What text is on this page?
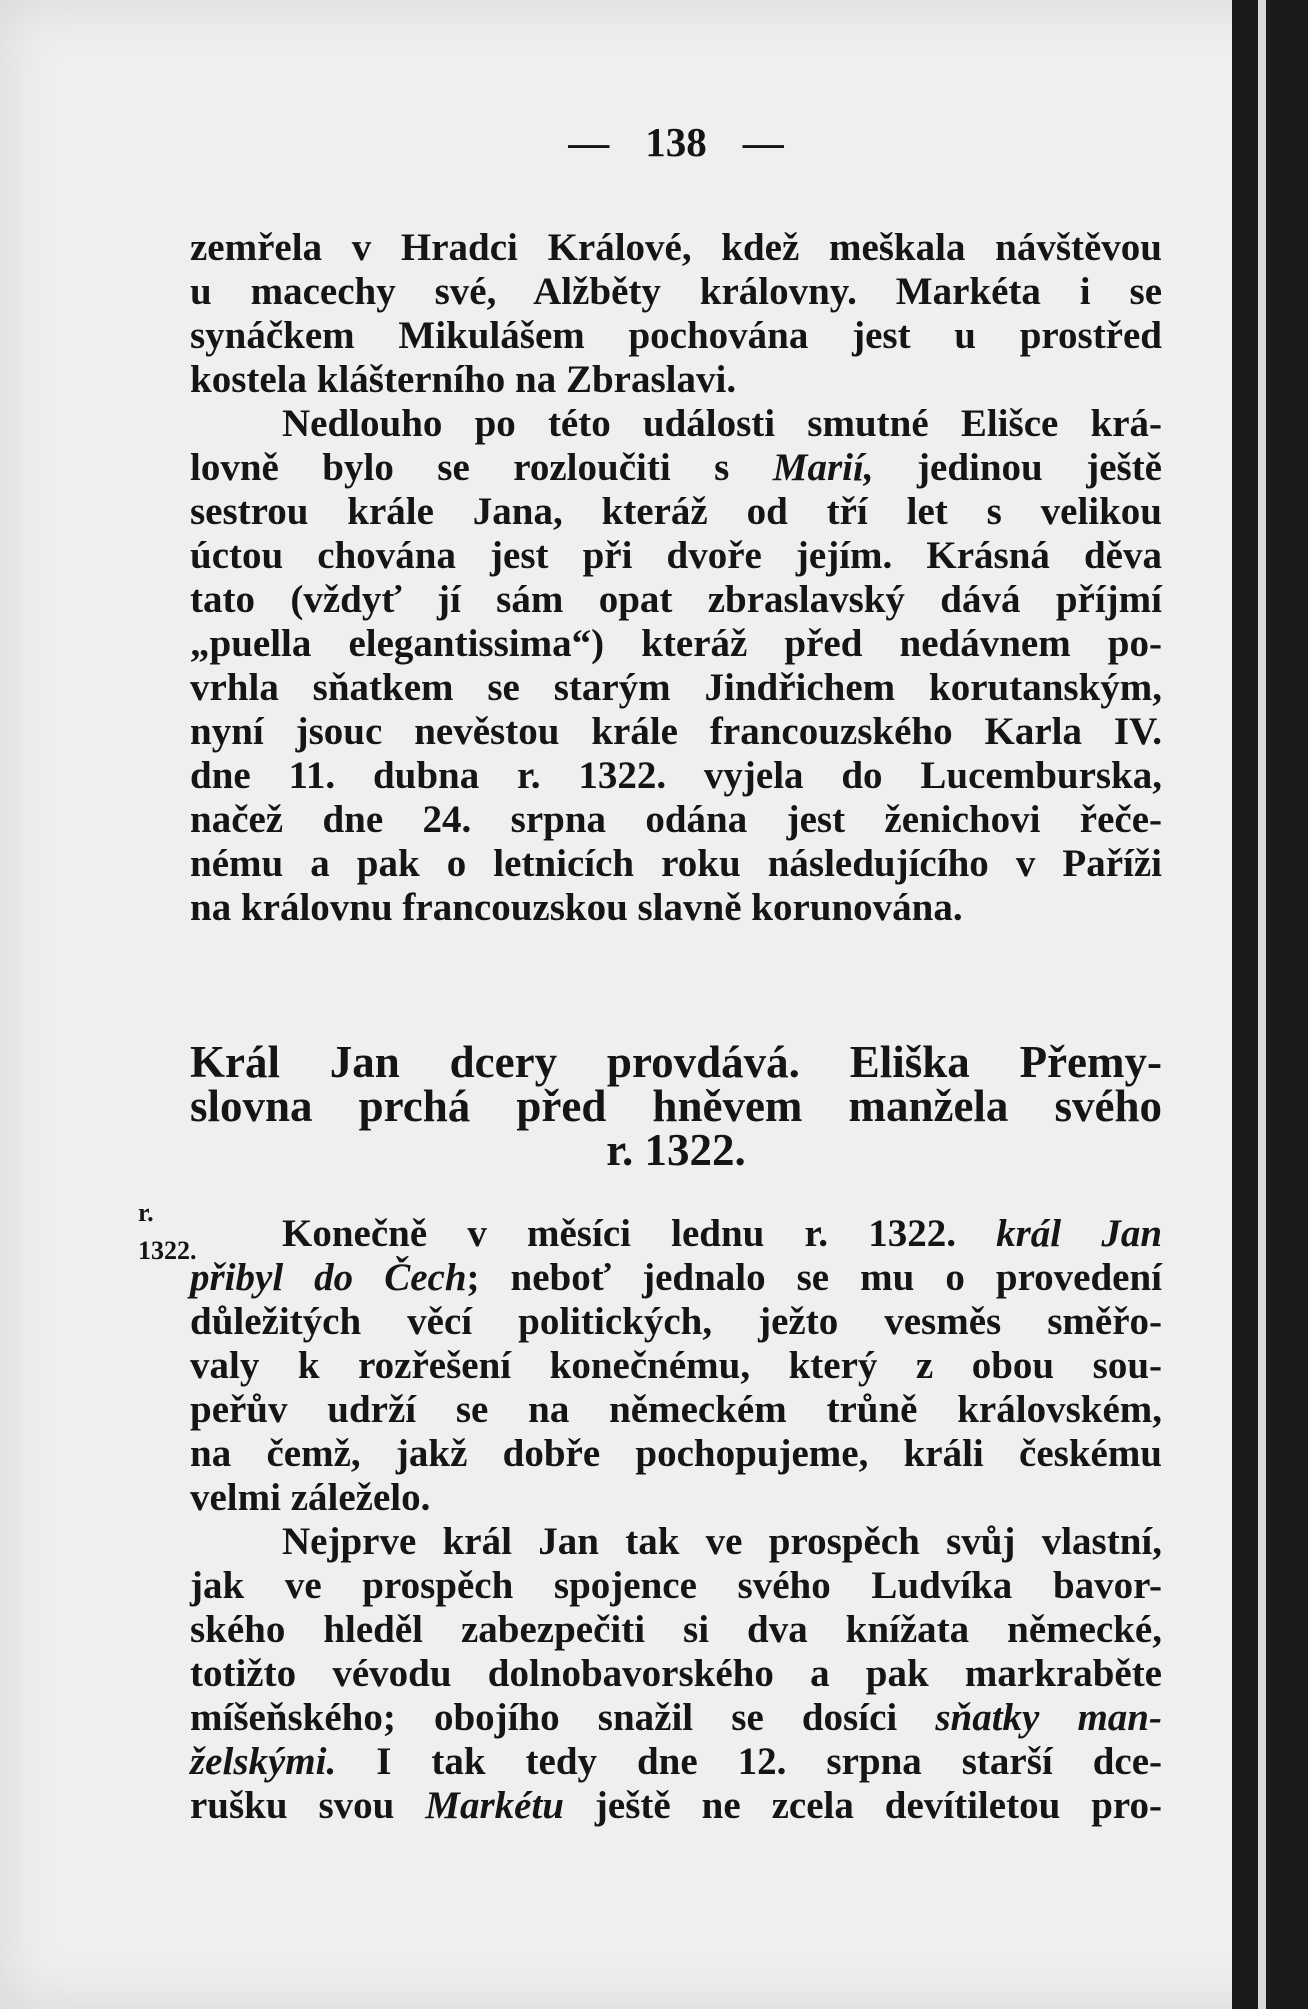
— 138 —
zemřela v Hradci Králové, kdež meškala návštěvou
u macechy své, Alžběty královny. Markéta i se
synáčkem Mikulášem pochována jest u prostřed
kostela klášterního na Zbraslavi.
Nedlouho po této události smutné Elišce krá-
lovně bylo se rozloučiti s Marií, jedinou ještě
sestrou krále Jana, kteráž od tří let s velikou
úctou chována jest při dvoře jejím. Krásná děva
tato (vždyť jí sám opat zbraslavský dává příjmí
„puella elegantissima“) kteráž před nedávnem po-
vrhla sňatkem se starým Jindřichem korutanským,
nyní jsouc nevěstou krále francouzského Karla IV.
dne 11. dubna r. 1322. vyjela do Lucemburska,
načež dne 24. srpna odána jest ženichovi řeče-
nému a pak o letnicích roku následujícího v Paříži
na královnu francouzskou slavně korunována.
Král Jan dcery provdává. Eliška Přemy-
slovna prchá před hněvem manžela svého
r. 1322.
r.
1322.	Konečně v měsíci lednu r. 1322. král Jan
přibyl do Čech; neboť jednalo se mu o provedení
důležitých věcí politických, ježto vesměs směřo-
valy k rozřešení konečnému, který z obou sou-
peřův udrží se na německém trůně královském,
na čemž, jakž dobře pochopujeme, králi českému
velmi záleželo.
Nejprve král Jan tak ve prospěch svůj vlastní,
jak ve prospěch spojence svého Ludvíka bavor-
ského hleděl zabezpečiti si dva knížata německé,
totižto vévodu dolnobavorského a pak markraběte
míšeňského; obojího snažil se dosíci sňatky man-
želskými. I tak tedy dne 12. srpna starší dce-
rušku svou Markétu ještě ne zcela devítiletou pro-
